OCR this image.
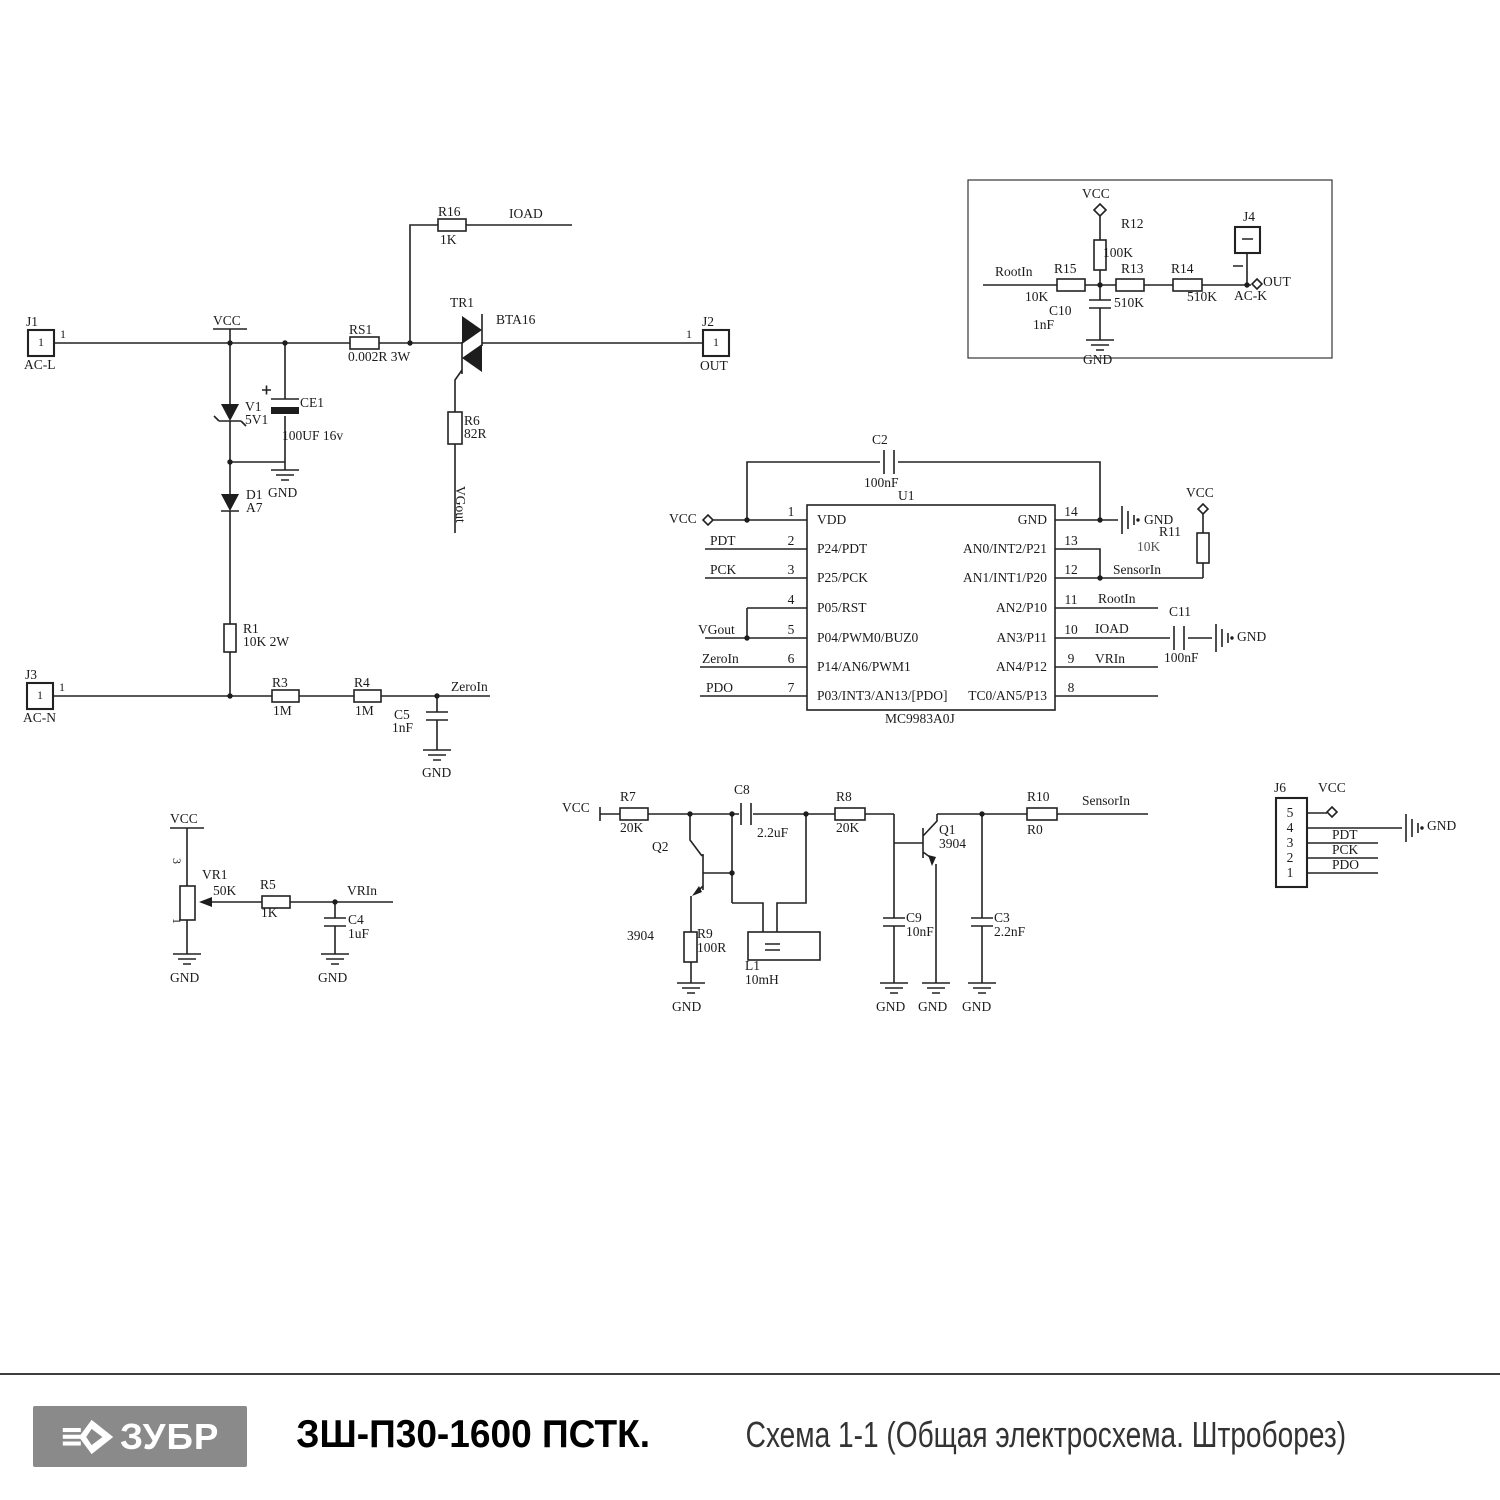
J1
1
1
AC-L
VCC
RS1
0.002R 3W
R16
1K
IOAD
TR1
BTA16	J2
1
1
OUT
V1
5V1
CE1
100UF 16v
GND
D1
A7
R1
10K 2W
R6
82R
VGout
J3
1
1
AC-N
R3
1M
R4
1M
ZeroIn
C5
1nF
GND
VCC
R12
100K
RootIn R15
10K
R13
510K
R14
510K
J4
AC-K
OUT
C10
1nF
GND
U1
MC9983A0J
1
2
3
4
5
6
7
VDD
P24/PDT
P25/PCK
P05/RST
P04/PWM0/BUZ0
P14/AN6/PWM1
P03/INT3/AN13/[PDO]
14
13
12
11
10
9
8
GND
AN0/INT2/P21
AN1/INT1/P20
AN2/P10
AN3/P11
AN4/P12
TC0/AN5/P13
VCC
PDT
PCK
VGout
ZeroIn
PDO
C2
100nF
GND
SensorIn
R11
10K
VCC
RootIn
IOAD
C11
100nF
GND
VRIn
VCC
3
VR1
50K
1
GND
R5
1K
VRIn
C4
1uF
GND
VCC
R7
20K
Q2
3904	R9
100R
GND
C8
2.2uF
L1
10mH
R8
20K
C9
10nF
GND
Q1
3904
GND
C3
2.2nF
GND
R10
R0
SensorIn
J6
5
4
3
2
1
VCC
GND
PDT
PCK
PDO
ЗУБР ЗШ-П30-1600 ПСТК.	Схема 1-1 (Общая электросхема. Штроборез)
